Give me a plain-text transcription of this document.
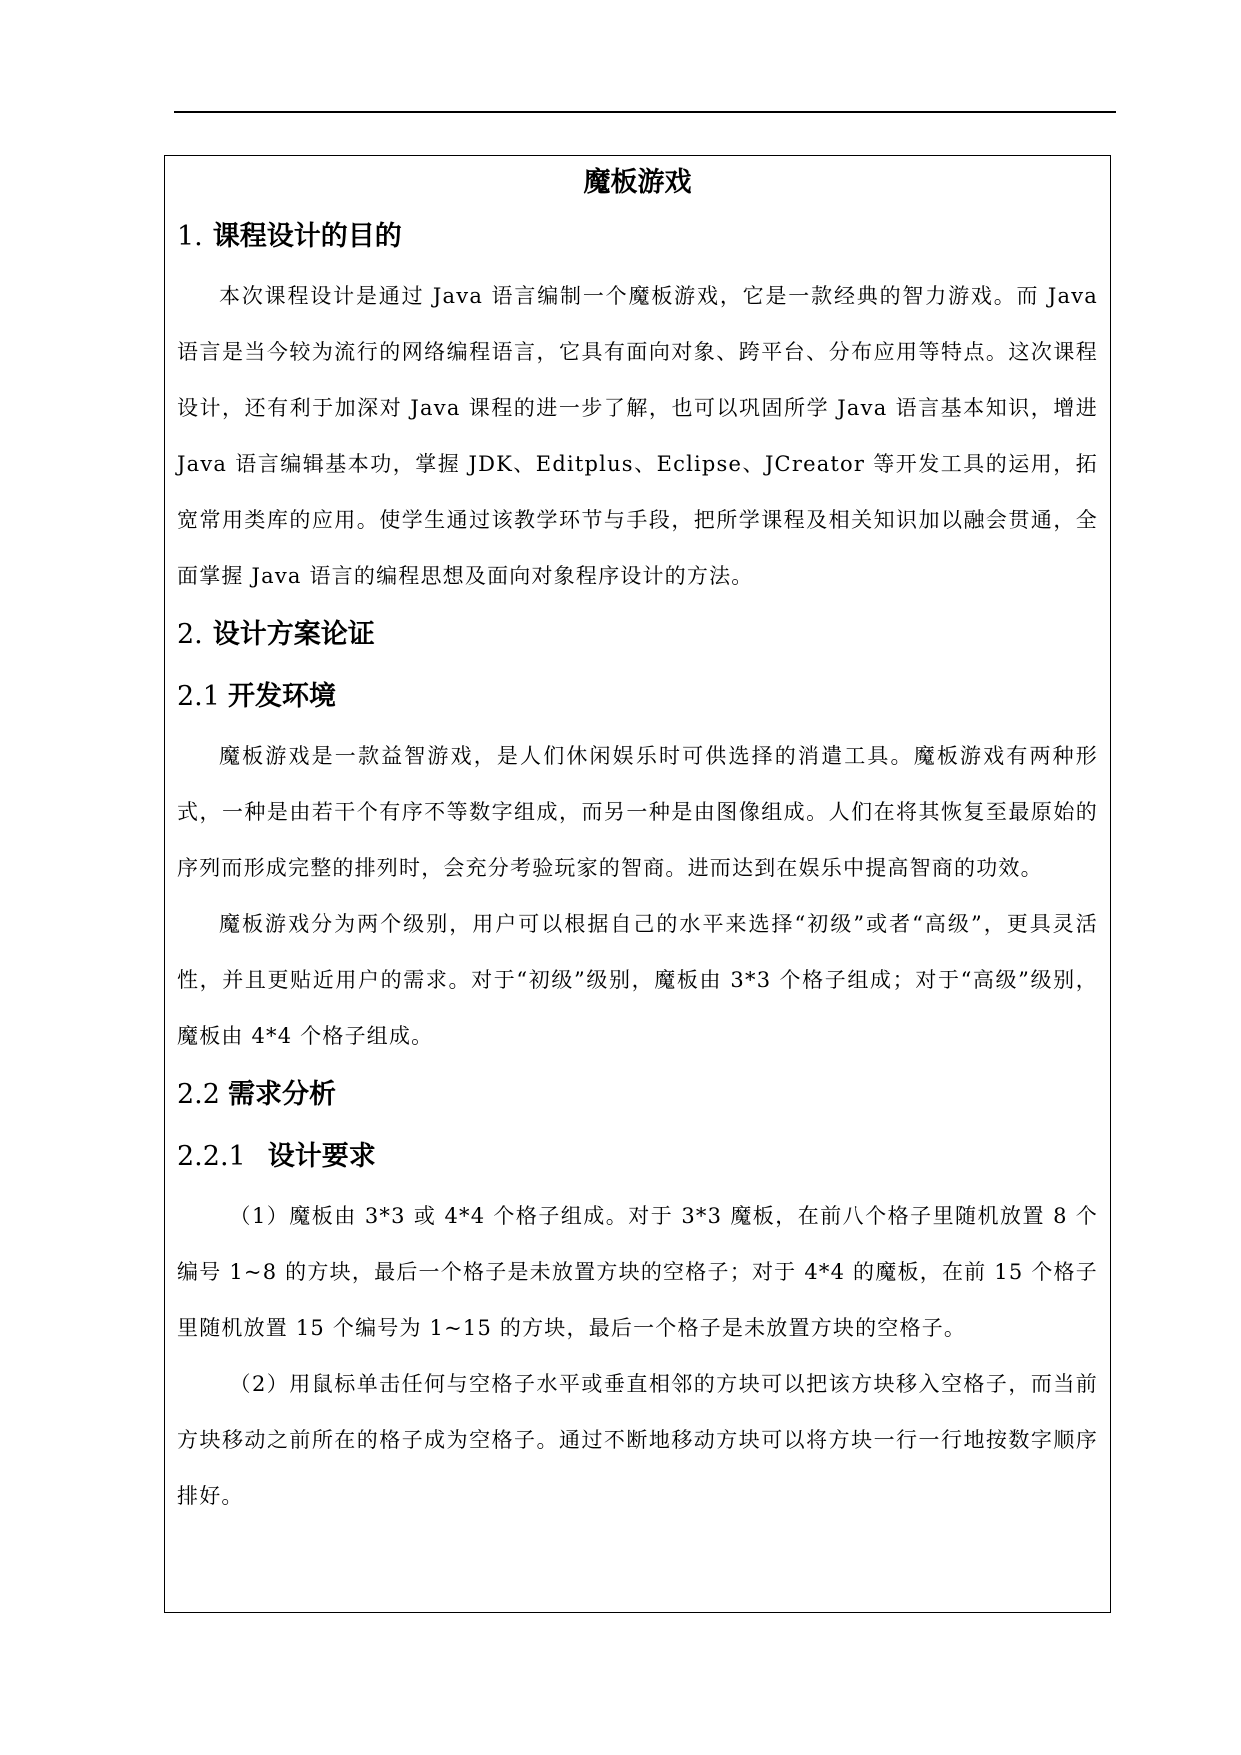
魔板游戏
1. 课程设计的目的

本次课程设计是通过 Java 语言编制一个魔板游戏，它是一款经典的智力游戏。而 Java 语言是当今较为流行的网络编程语言，它具有面向对象、跨平台、分布应用等特点。这次课程设计，还有利于加深对 Java 课程的进一步了解，也可以巩固所学 Java 语言基本知识，增进 Java 语言编辑基本功，掌握 JDK、Editplus、Eclipse、JCreator 等开发工具的运用，拓宽常用类库的应用。使学生通过该教学环节与手段，把所学课程及相关知识加以融会贯通，全面掌握 Java 语言的编程思想及面向对象程序设计的方法。

2. 设计方案论证
2.1 开发环境

魔板游戏是一款益智游戏，是人们休闲娱乐时可供选择的消遣工具。魔板游戏有两种形式，一种是由若干个有序不等数字组成，而另一种是由图像组成。人们在将其恢复至最原始的序列而形成完整的排列时，会充分考验玩家的智商。进而达到在娱乐中提高智商的功效。

魔板游戏分为两个级别，用户可以根据自己的水平来选择“初级”或者“高级”，更具灵活性，并且更贴近用户的需求。对于“初级”级别，魔板由 3*3 个格子组成；对于“高级”级别，魔板由 4*4 个格子组成。

2.2 需求分析
2.2.1 设计要求

（1）魔板由 3*3 或 4*4 个格子组成。对于 3*3 魔板，在前八个格子里随机放置 8 个编号 1~8 的方块，最后一个格子是未放置方块的空格子；对于 4*4 的魔板，在前 15 个格子里随机放置 15 个编号为 1~15 的方块，最后一个格子是未放置方块的空格子。

（2）用鼠标单击任何与空格子水平或垂直相邻的方块可以把该方块移入空格子，而当前方块移动之前所在的格子成为空格子。通过不断地移动方块可以将方块一行一行地按数字顺序排好。
